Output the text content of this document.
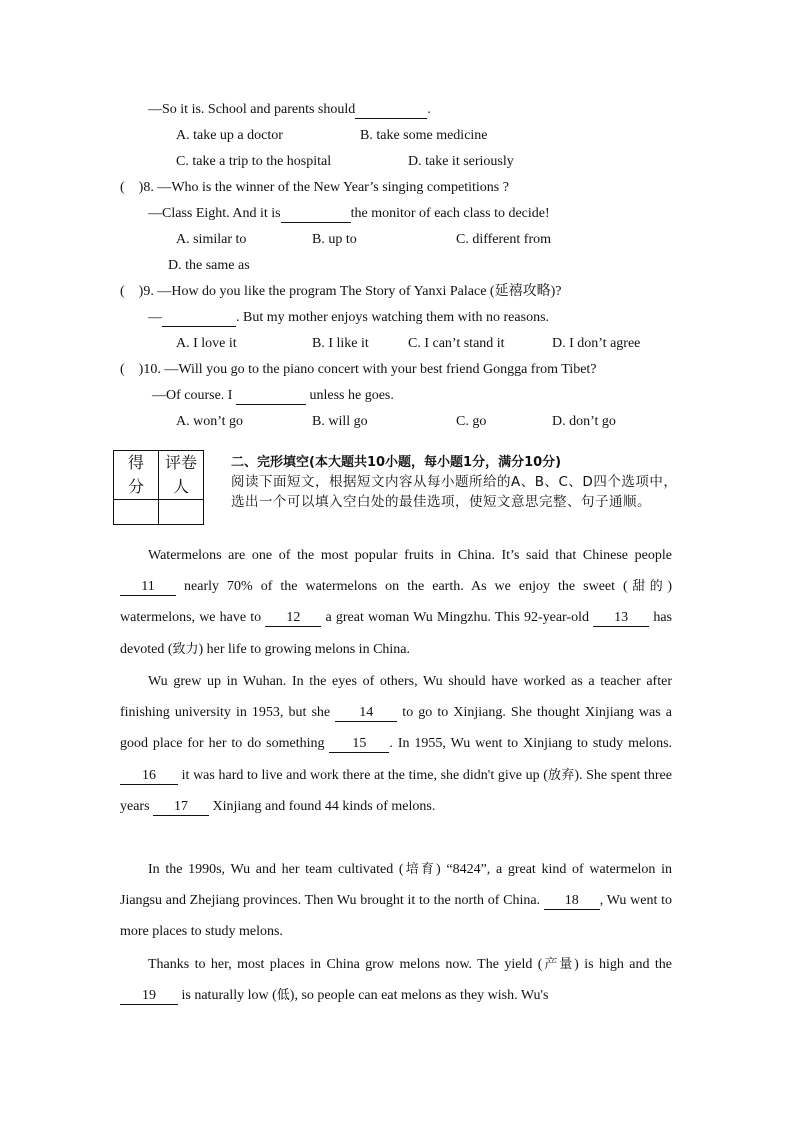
—So it is. School and parents should	.
A. take up a doctor	B. take some medicine
C. take a trip to the hospital	D. take it seriously
(    )8. —Who is the winner of the New Year’s singing competitions ?
—Class Eight. And it is	the monitor of each class to decide!
A. similar to	B. up to	C. different from
D. the same as
(    )9. —How do you like the program The Story of Yanxi Palace (延禧攻略)?
—	. But my mother enjoys watching them with no reasons.
A. I love it	B. I like it	C. I can’t stand it	D. I don’t agree
(    )10. —Will you go to the piano concert with your best friend Gongga from Tibet?
—Of course. I	unless he goes.
A. won’t go	B. will go	C. go	D. don’t go
得分	评卷人

二、完形填空(本大题共10小题，每小题1分，满分10分)
阅读下面短文，根据短文内容从每小题所给的A、B、C、D四个选项中，选出一个可以填入空白处的最佳选项，使短文意思完整、句子通顺。
Watermelons are one of the most popular fruits in China. It’s said that Chinese people 11 nearly 70% of the watermelons on the earth. As we enjoy the sweet (甜的) watermelons, we have to 12 a great woman Wu Mingzhu. This 92-year-old 13 has devoted (致力) her life to growing melons in China.
Wu grew up in Wuhan. In the eyes of others, Wu should have worked as a teacher after finishing university in 1953, but she 14 to go to Xinjiang. She thought Xinjiang was a good place for her to do something 15 . In 1955, Wu went to Xinjiang to study melons. 16 it was hard to live and work there at the time, she didn't give up (放弃). She spent three years 17 Xinjiang and found 44 kinds of melons.
In the 1990s, Wu and her team cultivated (培育) “8424”, a great kind of watermelon in Jiangsu and Zhejiang provinces. Then Wu brought it to the north of China. 18 , Wu went to more places to study melons.
Thanks to her, most places in China grow melons now. The yield (产量) is high and the 19 is naturally low (低), so people can eat melons as they wish. Wu's
